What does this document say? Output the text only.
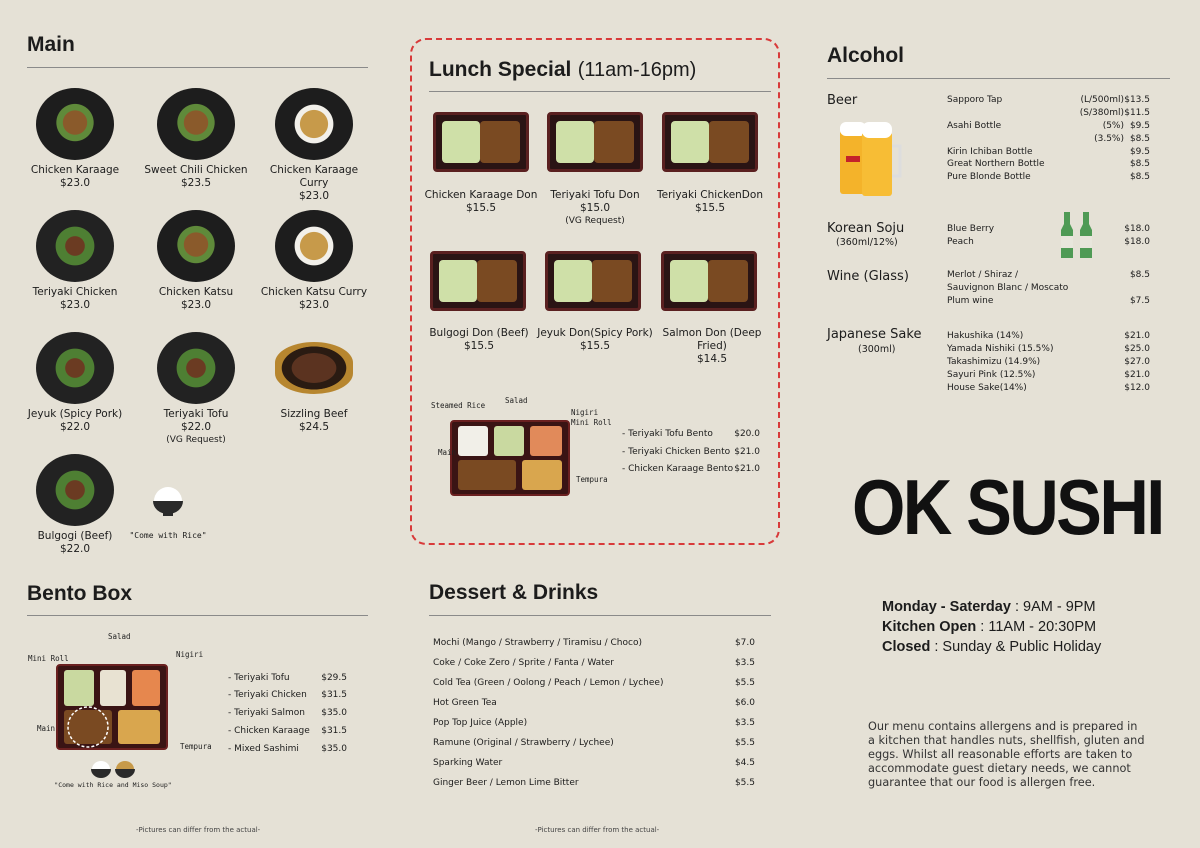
Main
Chicken Karaage
$23.0
Sweet Chili Chicken
$23.5
Chicken Karaage Curry
$23.0
Teriyaki Chicken
$23.0
Chicken Katsu
$23.0
Chicken Katsu Curry
$23.0
Jeyuk (Spicy Pork)
$22.0
Teriyaki Tofu
$22.0
(VG Request)
Sizzling Beef
$24.5
Bulgogi (Beef)
$22.0
"Come with Rice"
Lunch Special (11am-16pm)
Chicken Karaage Don
$15.5
Teriyaki Tofu Don
$15.0
(VG Request)
Teriyaki ChickenDon
$15.5
Bulgogi Don (Beef)
$15.5
Jeyuk Don(Spicy Pork)
$15.5
Salmon Don (Deep Fried)
$14.5
Steamed Rice
Salad
Nigiri
Mini Roll
Main
Tempura
- Teriyaki Tofu Bento	$20.0
- Teriyaki Chicken Bento $21.0
- Chicken Karaage Bento $21.0
Alcohol
Beer	Sapporo Tap	(L/500ml) $13.5
(S/380ml) $11.5
Asahi Bottle	(5%) $9.5
(3.5%) $8.5
Kirin Ichiban Bottle	$9.5
Great Northern Bottle	$8.5
Pure Blonde Bottle	$8.5
Korean Soju
(360ml/12%)
Blue Berry	$18.0
Peach	$18.0
Wine (Glass)	Merlot / Shiraz /	$8.5
Sauvignon Blanc / Moscato
Plum wine	$7.5
Japanese Sake
(300ml)
Hakushika (14%)	$21.0
Yamada Nishiki (15.5%)	$25.0
Takashimizu (14.9%)	$27.0
Sayuri Pink (12.5%)	$21.0
House Sake(14%)	$12.0
OK SUSHI
Monday - Saterday : 9AM - 9PM
Kitchen Open : 11AM - 20:30PM
Closed : Sunday & Public Holiday
Our menu contains allergens and is prepared in
a kitchen that handles nuts, shellfish, gluten and
eggs. Whilst all reasonable efforts are taken to
accommodate guest dietary needs, we cannot
guarantee that our food is allergen free.
Bento Box
Salad
Mini Roll	Nigiri
Main
Tempura
- Teriyaki Tofu	$29.5
- Teriyaki Chicken	$31.5
- Teriyaki Salmon	$35.0
- Chicken Karaage	$31.5
- Mixed Sashimi	$35.0
"Come with Rice and Miso Soup"
Dessert & Drinks
Mochi (Mango / Strawberry / Tiramisu / Choco)	$7.0
Coke / Coke Zero / Sprite / Fanta / Water	$3.5
Cold Tea (Green / Oolong / Peach / Lemon / Lychee)	$5.5
Hot Green Tea	$6.0
Pop Top Juice (Apple)	$3.5
Ramune (Original / Strawberry / Lychee)	$5.5
Sparking Water	$4.5
Ginger Beer / Lemon Lime Bitter	$5.5
-Pictures can differ from the actual-	-Pictures can differ from the actual-
